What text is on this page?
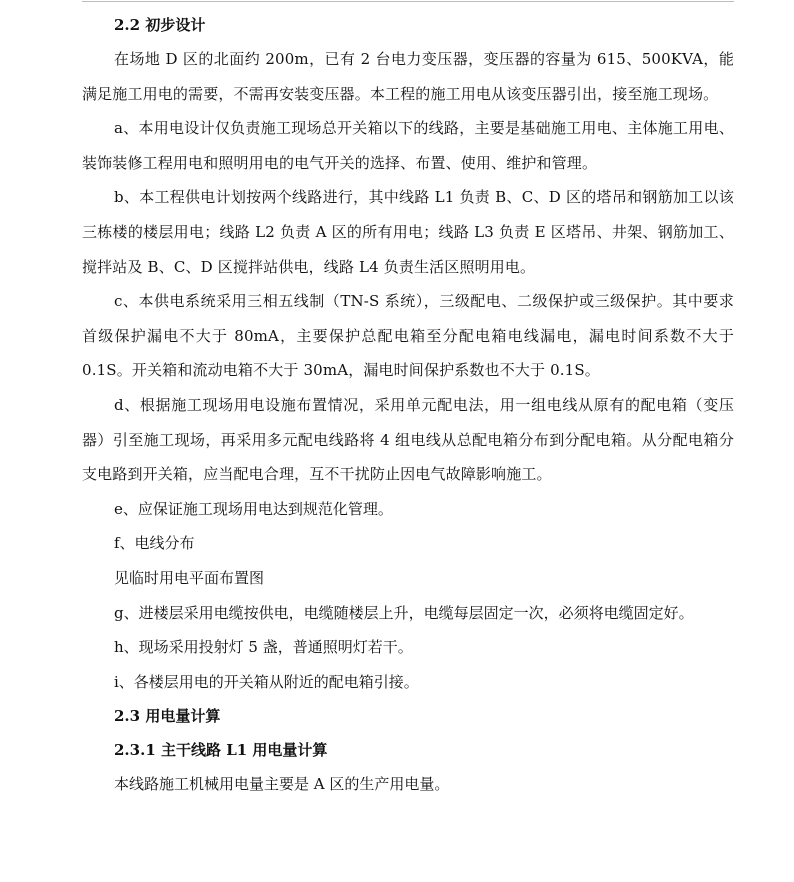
2.2 初步设计

在场地 D 区的北面约 200m，已有 2 台电力变压器，变压器的容量为 615、500KVA，能满足施工用电的需要，不需再安装变压器。本工程的施工用电从该变压器引出，接至施工现场。

a、本用电设计仅负责施工现场总开关箱以下的线路，主要是基础施工用电、主体施工用电、装饰装修工程用电和照明用电的电气开关的选择、布置、使用、维护和管理。

b、本工程供电计划按两个线路进行，其中线路 L1 负责 B、C、D 区的塔吊和钢筋加工以该三栋楼的楼层用电；线路 L2 负责 A 区的所有用电；线路 L3 负责 E 区塔吊、井架、钢筋加工、搅拌站及 B、C、D 区搅拌站供电，线路 L4 负责生活区照明用电。

c、本供电系统采用三相五线制（TN-S 系统），三级配电、二级保护或三级保护。其中要求首级保护漏电不大于 80mA，主要保护总配电箱至分配电箱电线漏电，漏电时间系数不大于 0.1S。开关箱和流动电箱不大于 30mA，漏电时间保护系数也不大于 0.1S。

d、根据施工现场用电设施布置情况，采用单元配电法，用一组电线从原有的配电箱（变压器）引至施工现场，再采用多元配电线路将 4 组电线从总配电箱分布到分配电箱。从分配电箱分支电路到开关箱，应当配电合理，互不干扰防止因电气故障影响施工。

e、应保证施工现场用电达到规范化管理。

f、电线分布

见临时用电平面布置图

g、进楼层采用电缆按供电，电缆随楼层上升，电缆每层固定一次，必须将电缆固定好。

h、现场采用投射灯 5 盏，普通照明灯若干。

i、各楼层用电的开关箱从附近的配电箱引接。

2.3 用电量计算
2.3.1 主干线路 L1 用电量计算

本线路施工机械用电量主要是 A 区的生产用电量。
